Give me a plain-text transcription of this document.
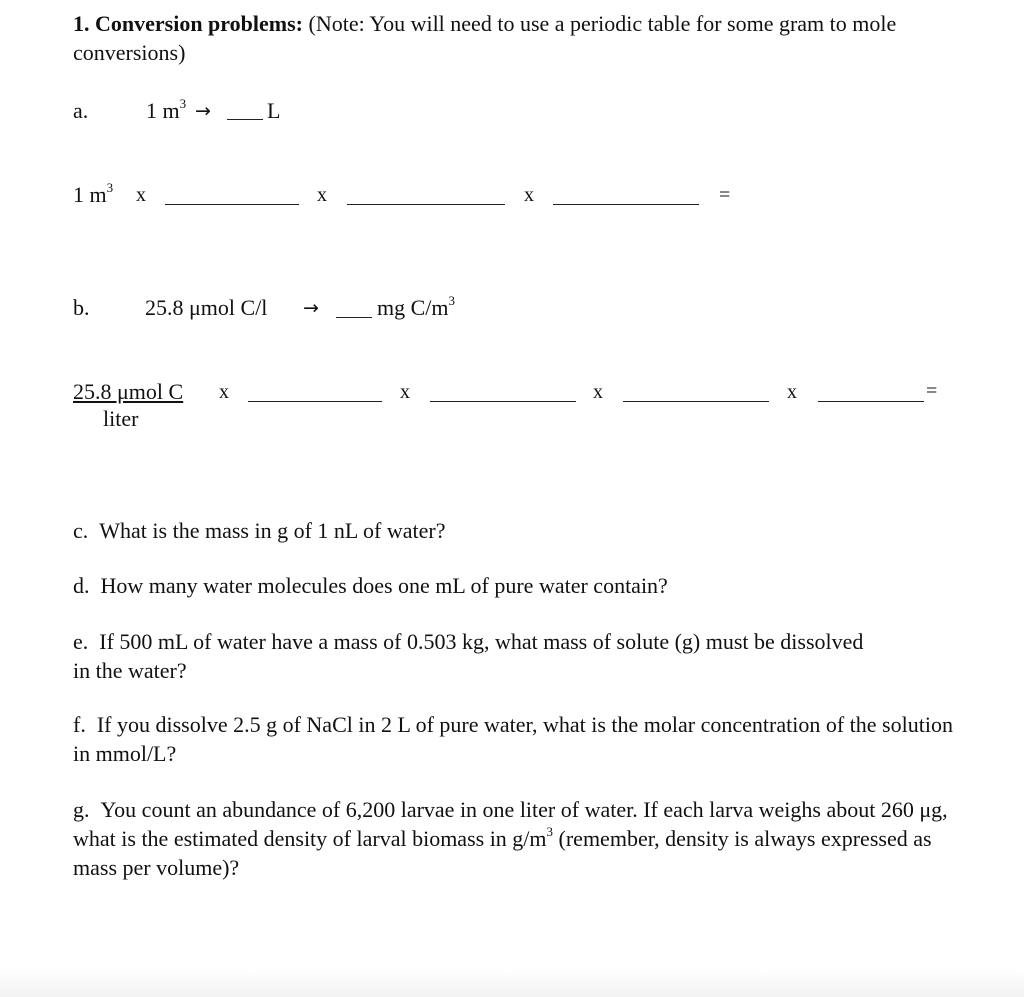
1. Conversion problems: (Note: You will need to use a periodic table for some gram to mole conversions)
a.	1 $m^3$ →	L
1 $m^3$ x	x	x	=
b.	25.8 μmol C/l →	mg $C/m^3$
25.8 μmol C
liter
x	x	x	x	=
c. What is the mass in g of 1 nL of water?
d. How many water molecules does one mL of pure water contain?
e. If 500 mL of water have a mass of 0.503 kg, what mass of solute (g) must be dissolved in the water?
f. If you dissolve 2.5 g of NaCl in 2 L of pure water, what is the molar concentration of the solution in mmol/L?
g. You count an abundance of 6,200 larvae in one liter of water. If each larva weighs about 260 μg, what is the estimated density of larval biomass in $g/m^3$ (remember, density is always expressed as mass per volume)?
